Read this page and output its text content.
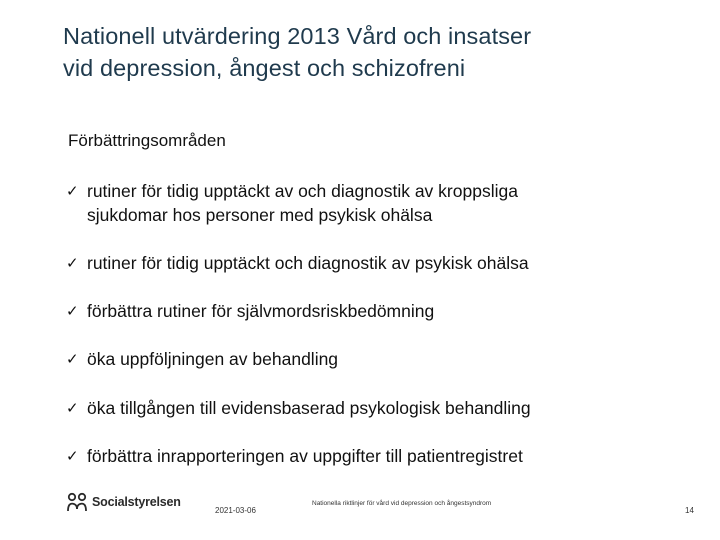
Nationell utvärdering 2013 Vård och insatser
vid depression, ångest och schizofreni
Förbättringsområden
✓ rutiner för tidig upptäckt av och diagnostik av kroppsliga
sjukdomar hos personer med psykisk ohälsa
✓ rutiner för tidig upptäckt och diagnostik av psykisk ohälsa
✓ förbättra rutiner för självmordsriskbedömning
✓ öka uppföljningen av behandling
✓ öka tillgången till evidensbaserad psykologisk behandling
✓ förbättra inrapporteringen av uppgifter till patientregistret
Socialstyrelsen
2021-03-06
Nationella riktlinjer för vård vid depression och ångestsyndrom
14
